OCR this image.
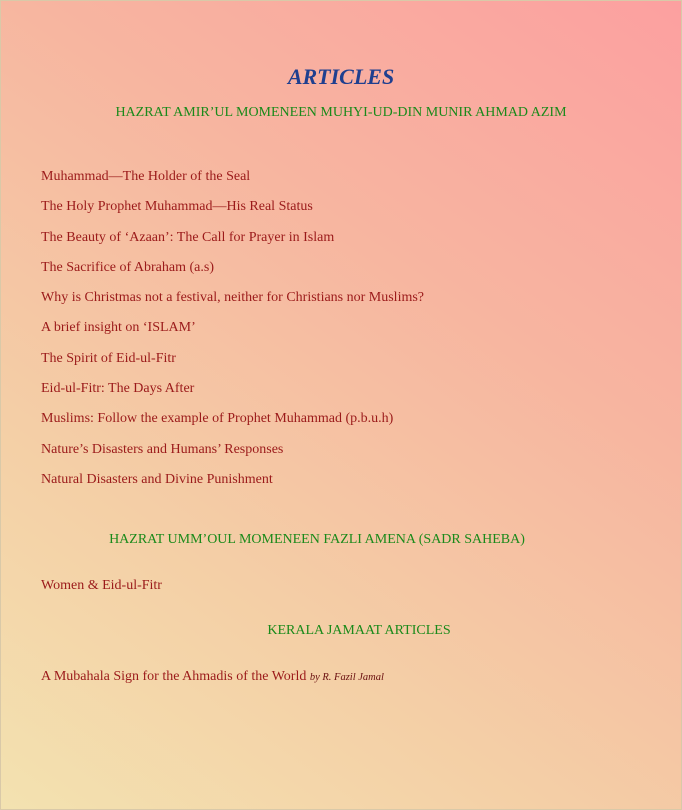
ARTICLES
HAZRAT AMIR’UL MOMENEEN MUHYI-UD-DIN MUNIR AHMAD AZIM
Muhammad—The Holder of the Seal
The Holy Prophet Muhammad—His Real Status
The Beauty of ‘Azaan’: The Call for Prayer in Islam
The Sacrifice of Abraham (a.s)
Why is Christmas not a festival, neither for Christians nor Muslims?
A brief insight on ‘ISLAM’
The Spirit of Eid-ul-Fitr
Eid-ul-Fitr: The Days After
Muslims: Follow the example of Prophet Muhammad (p.b.u.h)
Nature’s Disasters and Humans’ Responses
Natural Disasters and Divine Punishment
HAZRAT UMM’OUL MOMENEEN FAZLI AMENA (SADR SAHEBA)
Women & Eid-ul-Fitr
KERALA JAMAAT ARTICLES
A Mubahala Sign for the Ahmadis of the World by R. Fazil Jamal
